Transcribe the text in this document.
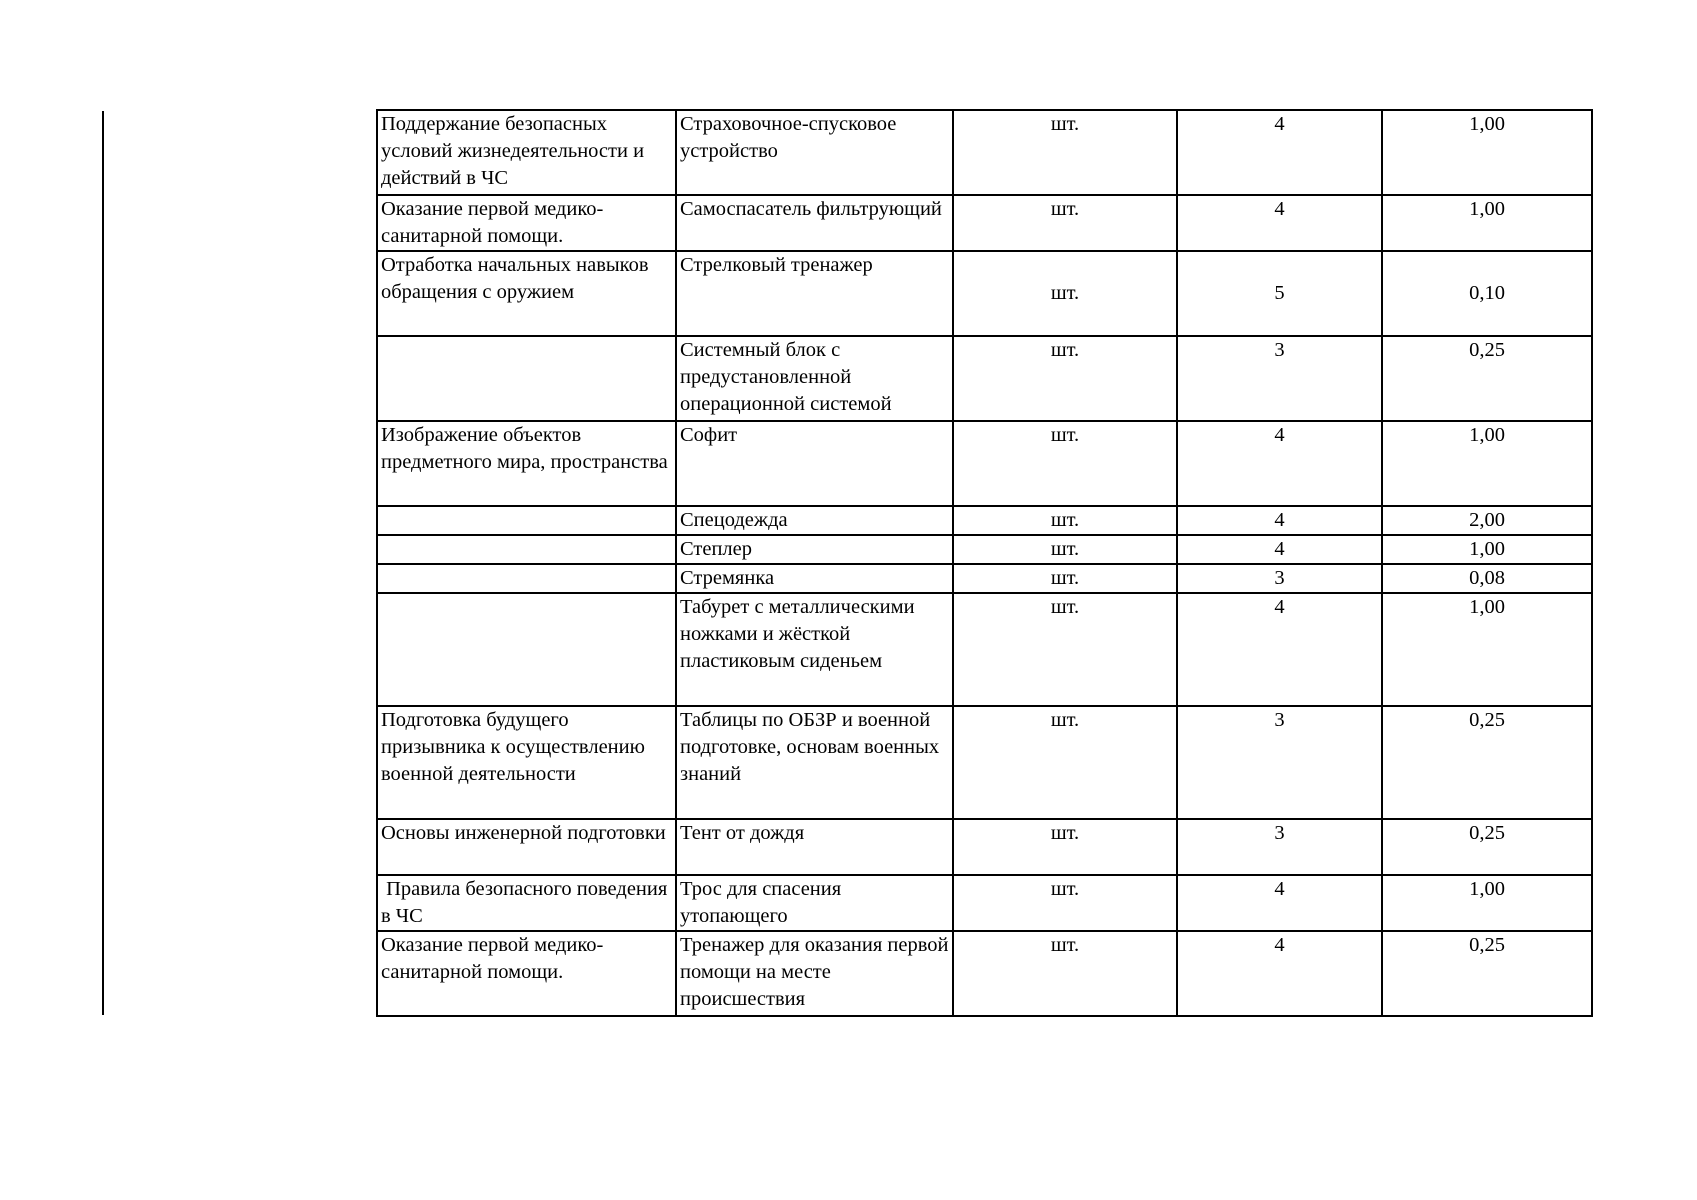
Поддержание безопасных условий жизнедеятельности и действий в ЧС	Страховочное-спусковое устройство	шт.	4	1,00
Оказание первой медико-санитарной помощи.	Самоспасатель фильтрующий	шт.	4	1,00
Отработка начальных навыков обращения с оружием	Стрелковый тренажер	шт.	5	0,10
	Системный блок с предустановленной операционной системой	шт.	3	0,25
Изображение объектов предметного мира, пространства	Софит	шт.	4	1,00
	Спецодежда	шт.	4	2,00
	Степлер	шт.	4	1,00
	Стремянка	шт.	3	0,08
	Табурет с металлическими ножками и жёсткой пластиковым сиденьем	шт.	4	1,00
Подготовка будущего призывника к осуществлению военной деятельности	Таблицы по ОБЗР и военной подготовке, основам военных знаний	шт.	3	0,25
Основы инженерной подготовки	Тент от дождя	шт.	3	0,25
Правила безопасного поведения в ЧС	Трос для спасения утопающего	шт.	4	1,00
Оказание первой медико-санитарной помощи.	Тренажер для оказания первой помощи на месте происшествия	шт.	4	0,25
